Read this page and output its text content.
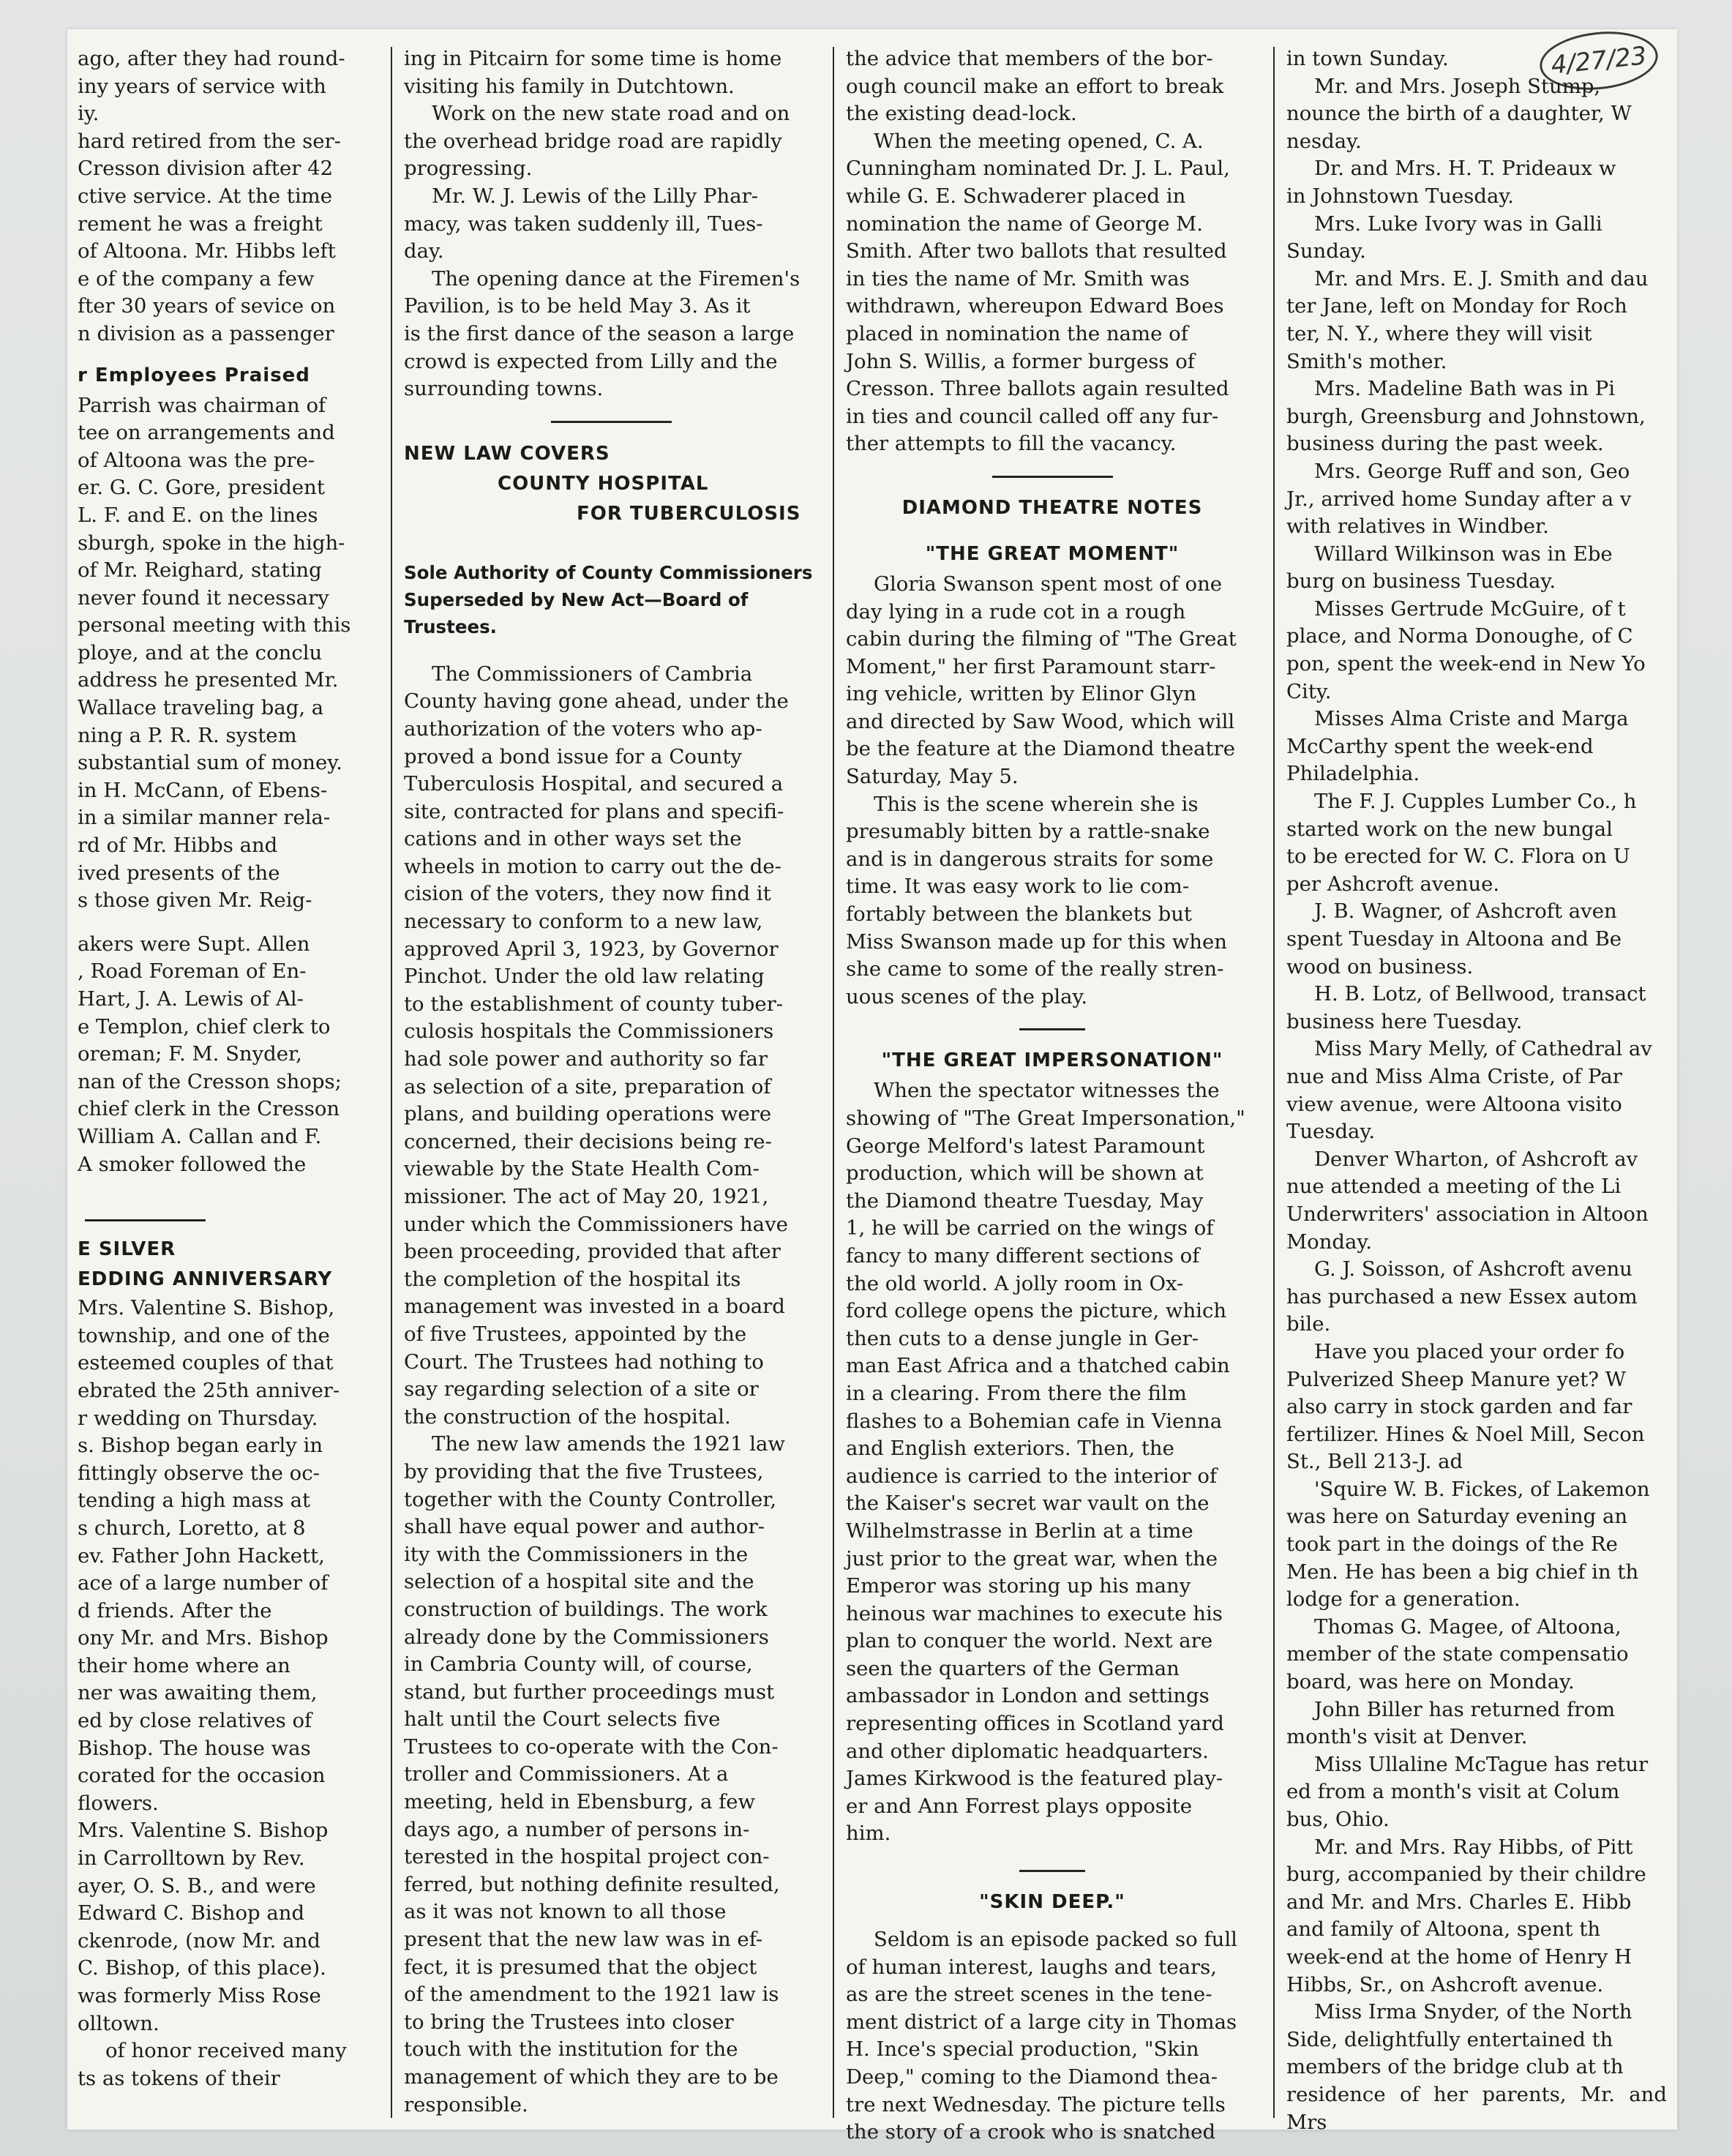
4/27/23

ago, after they had round-
iny years of service with
iy.

hard retired from the ser-
Cresson division after 42
ctive service. At the time
rement he was a freight
of Altoona. Mr. Hibbs left
e of the company a few
fter 30 years of sevice on
n division as a passenger

r Employees Praised

Parrish was chairman of
tee on arrangements and
of Altoona was the pre-
er. G. C. Gore, president
L. F. and E. on the lines
sburgh, spoke in the high-
of Mr. Reighard, stating
never found it necessary
personal meeting with this
ploye, and at the conclu
address he presented Mr.
Wallace traveling bag, a
ning a P. R. R. system
substantial sum of money.
in H. McCann, of Ebens-
in a similar manner rela-
rd of Mr. Hibbs and
ived presents of the
s those given Mr. Reig-

akers were Supt. Allen
, Road Foreman of En-
Hart, J. A. Lewis of Al-
e Templon, chief clerk to
oreman; F. M. Snyder,
nan of the Cresson shops;
chief clerk in the Cresson
William A. Callan and F.
A smoker followed the

E SILVER
EDDING ANNIVERSARY

Mrs. Valentine S. Bishop,
township, and one of the
esteemed couples of that
ebrated the 25th anniver-
r wedding on Thursday.
s. Bishop began early in
fittingly observe the oc-
tending a high mass at
s church, Loretto, at 8
ev. Father John Hackett,
ace of a large number of
d friends. After the
ony Mr. and Mrs. Bishop
their home where an
ner was awaiting them,
ed by close relatives of
Bishop. The house was
corated for the occasion
flowers.

Mrs. Valentine S. Bishop
in Carrolltown by Rev.
ayer, O. S. B., and were
Edward C. Bishop and
ckenrode, (now Mr. and
C. Bishop, of this place).
was formerly Miss Rose
olltown.

of honor received many
ts as tokens of their

ing in Pitcairn for some time is home
visiting his family in Dutchtown.

Work on the new state road and on
the overhead bridge road are rapidly
progressing.

Mr. W. J. Lewis of the Lilly Phar-
macy, was taken suddenly ill, Tues-
day.

The opening dance at the Firemen's
Pavilion, is to be held May 3. As it
is the first dance of the season a large
crowd is expected from Lilly and the
surrounding towns.

NEW LAW COVERS
COUNTY HOSPITAL
FOR TUBERCULOSIS
Sole Authority of County Commissioners Superseded by New Act—Board of Trustees.

The Commissioners of Cambria
County having gone ahead, under the
authorization of the voters who ap-
proved a bond issue for a County
Tuberculosis Hospital, and secured a
site, contracted for plans and specifi-
cations and in other ways set the
wheels in motion to carry out the de-
cision of the voters, they now find it
necessary to conform to a new law,
approved April 3, 1923, by Governor
Pinchot. Under the old law relating
to the establishment of county tuber-
culosis hospitals the Commissioners
had sole power and authority so far
as selection of a site, preparation of
plans, and building operations were
concerned, their decisions being re-
viewable by the State Health Com-
missioner. The act of May 20, 1921,
under which the Commissioners have
been proceeding, provided that after
the completion of the hospital its
management was invested in a board
of five Trustees, appointed by the
Court. The Trustees had nothing to
say regarding selection of a site or
the construction of the hospital.

The new law amends the 1921 law
by providing that the five Trustees,
together with the County Controller,
shall have equal power and author-
ity with the Commissioners in the
selection of a hospital site and the
construction of buildings. The work
already done by the Commissioners
in Cambria County will, of course,
stand, but further proceedings must
halt until the Court selects five
Trustees to co-operate with the Con-
troller and Commissioners. At a
meeting, held in Ebensburg, a few
days ago, a number of persons in-
terested in the hospital project con-
ferred, but nothing definite resulted,
as it was not known to all those
present that the new law was in ef-
fect, it is presumed that the object
of the amendment to the 1921 law is
to bring the Trustees into closer
touch with the institution for the
management of which they are to be
responsible.

the advice that members of the bor-
ough council make an effort to break
the existing dead-lock.

When the meeting opened, C. A.
Cunningham nominated Dr. J. L. Paul,
while G. E. Schwaderer placed in
nomination the name of George M.
Smith. After two ballots that resulted
in ties the name of Mr. Smith was
withdrawn, whereupon Edward Boes
placed in nomination the name of
John S. Willis, a former burgess of
Cresson. Three ballots again resulted
in ties and council called off any fur-
ther attempts to fill the vacancy.

DIAMOND THEATRE NOTES
"THE GREAT MOMENT"

Gloria Swanson spent most of one
day lying in a rude cot in a rough
cabin during the filming of "The Great
Moment," her first Paramount starr-
ing vehicle, written by Elinor Glyn
and directed by Saw Wood, which will
be the feature at the Diamond theatre
Saturday, May 5.

This is the scene wherein she is
presumably bitten by a rattle-snake
and is in dangerous straits for some
time. It was easy work to lie com-
fortably between the blankets but
Miss Swanson made up for this when
she came to some of the really stren-
uous scenes of the play.

"THE GREAT IMPERSONATION"

When the spectator witnesses the
showing of "The Great Impersonation,"
George Melford's latest Paramount
production, which will be shown at
the Diamond theatre Tuesday, May
1, he will be carried on the wings of
fancy to many different sections of
the old world. A jolly room in Ox-
ford college opens the picture, which
then cuts to a dense jungle in Ger-
man East Africa and a thatched cabin
in a clearing. From there the film
flashes to a Bohemian cafe in Vienna
and English exteriors. Then, the
audience is carried to the interior of
the Kaiser's secret war vault on the
Wilhelmstrasse in Berlin at a time
just prior to the great war, when the
Emperor was storing up his many
heinous war machines to execute his
plan to conquer the world. Next are
seen the quarters of the German
ambassador in London and settings
representing offices in Scotland yard
and other diplomatic headquarters.
James Kirkwood is the featured play-
er and Ann Forrest plays opposite
him.

"SKIN DEEP."

Seldom is an episode packed so full
of human interest, laughs and tears,
as are the street scenes in the tene-
ment district of a large city in Thomas
H. Ince's special production, "Skin
Deep," coming to the Diamond thea-
tre next Wednesday. The picture tells
the story of a crook who is snatched

in town Sunday.

Mr. and Mrs. Joseph Stump,
nounce the birth of a daughter, W
nesday.

Dr. and Mrs. H. T. Prideaux w
in Johnstown Tuesday.

Mrs. Luke Ivory was in Galli
Sunday.

Mr. and Mrs. E. J. Smith and dau
ter Jane, left on Monday for Roch
ter, N. Y., where they will visit
Smith's mother.

Mrs. Madeline Bath was in Pi
burgh, Greensburg and Johnstown,
business during the past week.

Mrs. George Ruff and son, Geo
Jr., arrived home Sunday after a v
with relatives in Windber.

Willard Wilkinson was in Ebe
burg on business Tuesday.

Misses Gertrude McGuire, of t
place, and Norma Donoughe, of C
pon, spent the week-end in New Yo
City.

Misses Alma Criste and Marga
McCarthy spent the week-end
Philadelphia.

The F. J. Cupples Lumber Co., h
started work on the new bungal
to be erected for W. C. Flora on U
per Ashcroft avenue.

J. B. Wagner, of Ashcroft aven
spent Tuesday in Altoona and Be
wood on business.

H. B. Lotz, of Bellwood, transact
business here Tuesday.

Miss Mary Melly, of Cathedral av
nue and Miss Alma Criste, of Par
view avenue, were Altoona visito
Tuesday.

Denver Wharton, of Ashcroft av
nue attended a meeting of the Li
Underwriters' association in Altoon
Monday.

G. J. Soisson, of Ashcroft avenu
has purchased a new Essex autom
bile.

Have you placed your order fo
Pulverized Sheep Manure yet? W
also carry in stock garden and far
fertilizer. Hines & Noel Mill, Secon
St., Bell 213-J. ad

'Squire W. B. Fickes, of Lakemon
was here on Saturday evening an
took part in the doings of the Re
Men. He has been a big chief in th
lodge for a generation.

Thomas G. Magee, of Altoona,
member of the state compensatio
board, was here on Monday.

John Biller has returned from
month's visit at Denver.

Miss Ullaline McTague has retur
ed from a month's visit at Colum
bus, Ohio.

Mr. and Mrs. Ray Hibbs, of Pitt
burg, accompanied by their childre
and Mr. and Mrs. Charles E. Hibb
and family of Altoona, spent th
week-end at the home of Henry H
Hibbs, Sr., on Ashcroft avenue.

Miss Irma Snyder, of the North
Side, delightfully entertained th
members of the bridge club at th
residence of her parents, Mr. and Mrs
